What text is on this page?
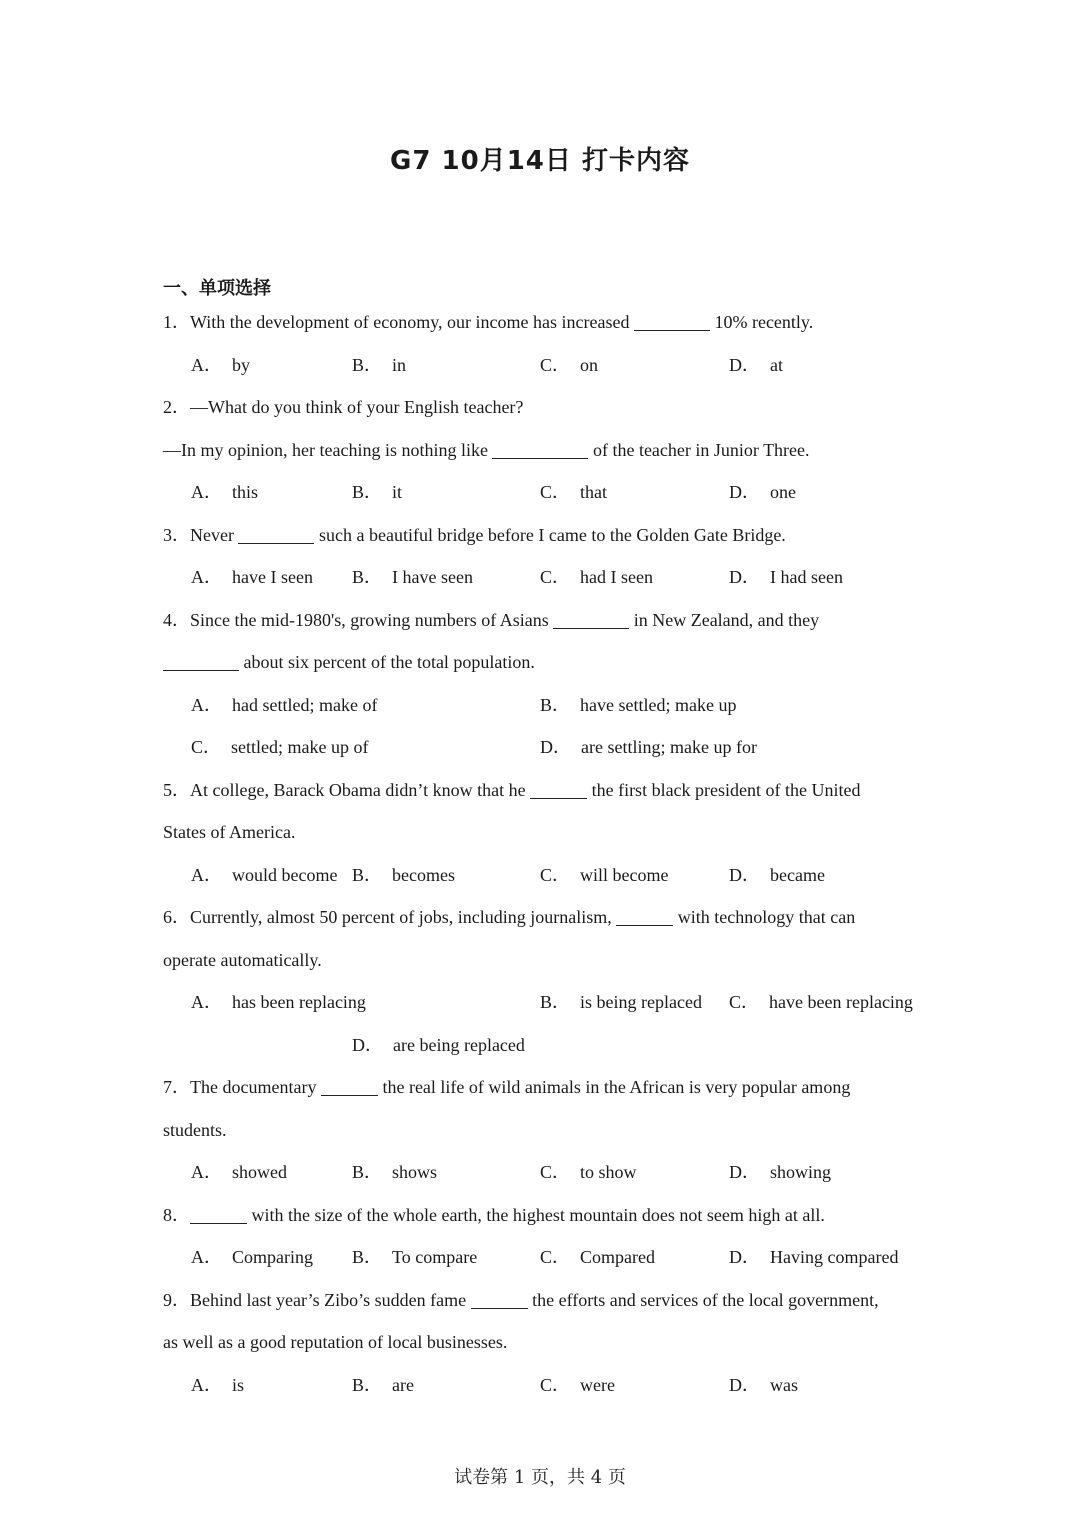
G7 10月14日 打卡内容
一、单项选择
1．With the development of economy, our income has increased	10% recently.
A． by	B． in	C． on	D． at
2．—What do you think of your English teacher?
—In my opinion, her teaching is nothing like	of the teacher in Junior Three.
A． this	B． it	C． that	D． one
3．Never	such a beautiful bridge before I came to the Golden Gate Bridge.
A． have I seen B． I have seen	C． had I seen	D． I had seen
4．Since the mid-1980's, growing numbers of Asians	in New Zealand, and they
about six percent of the total population.
A． had settled; make of	B． have settled; make up
C． settled; make up of	D． are settling; make up for
5．At college, Barack Obama didn’t know that he	the first black president of the United
States of America.
A． would become B． becomes	C． will become	D． became
6．Currently, almost 50 percent of jobs, including journalism,	with technology that can
operate automatically.
A． has been replacing	B． is being replaced C． have been replacing
D． are being replaced
7．The documentary	the real life of wild animals in the African is very popular among
students.
A． showed	B． shows	C． to show	D． showing
8．	with the size of the whole earth, the highest mountain does not seem high at all.
A． Comparing B． To compare	C． Compared	D． Having compared
9．Behind last year’s Zibo’s sudden fame	the efforts and services of the local government,
as well as a good reputation of local businesses.
A． is	B． are	C． were	D． was
试卷第 1 页，共 4 页
